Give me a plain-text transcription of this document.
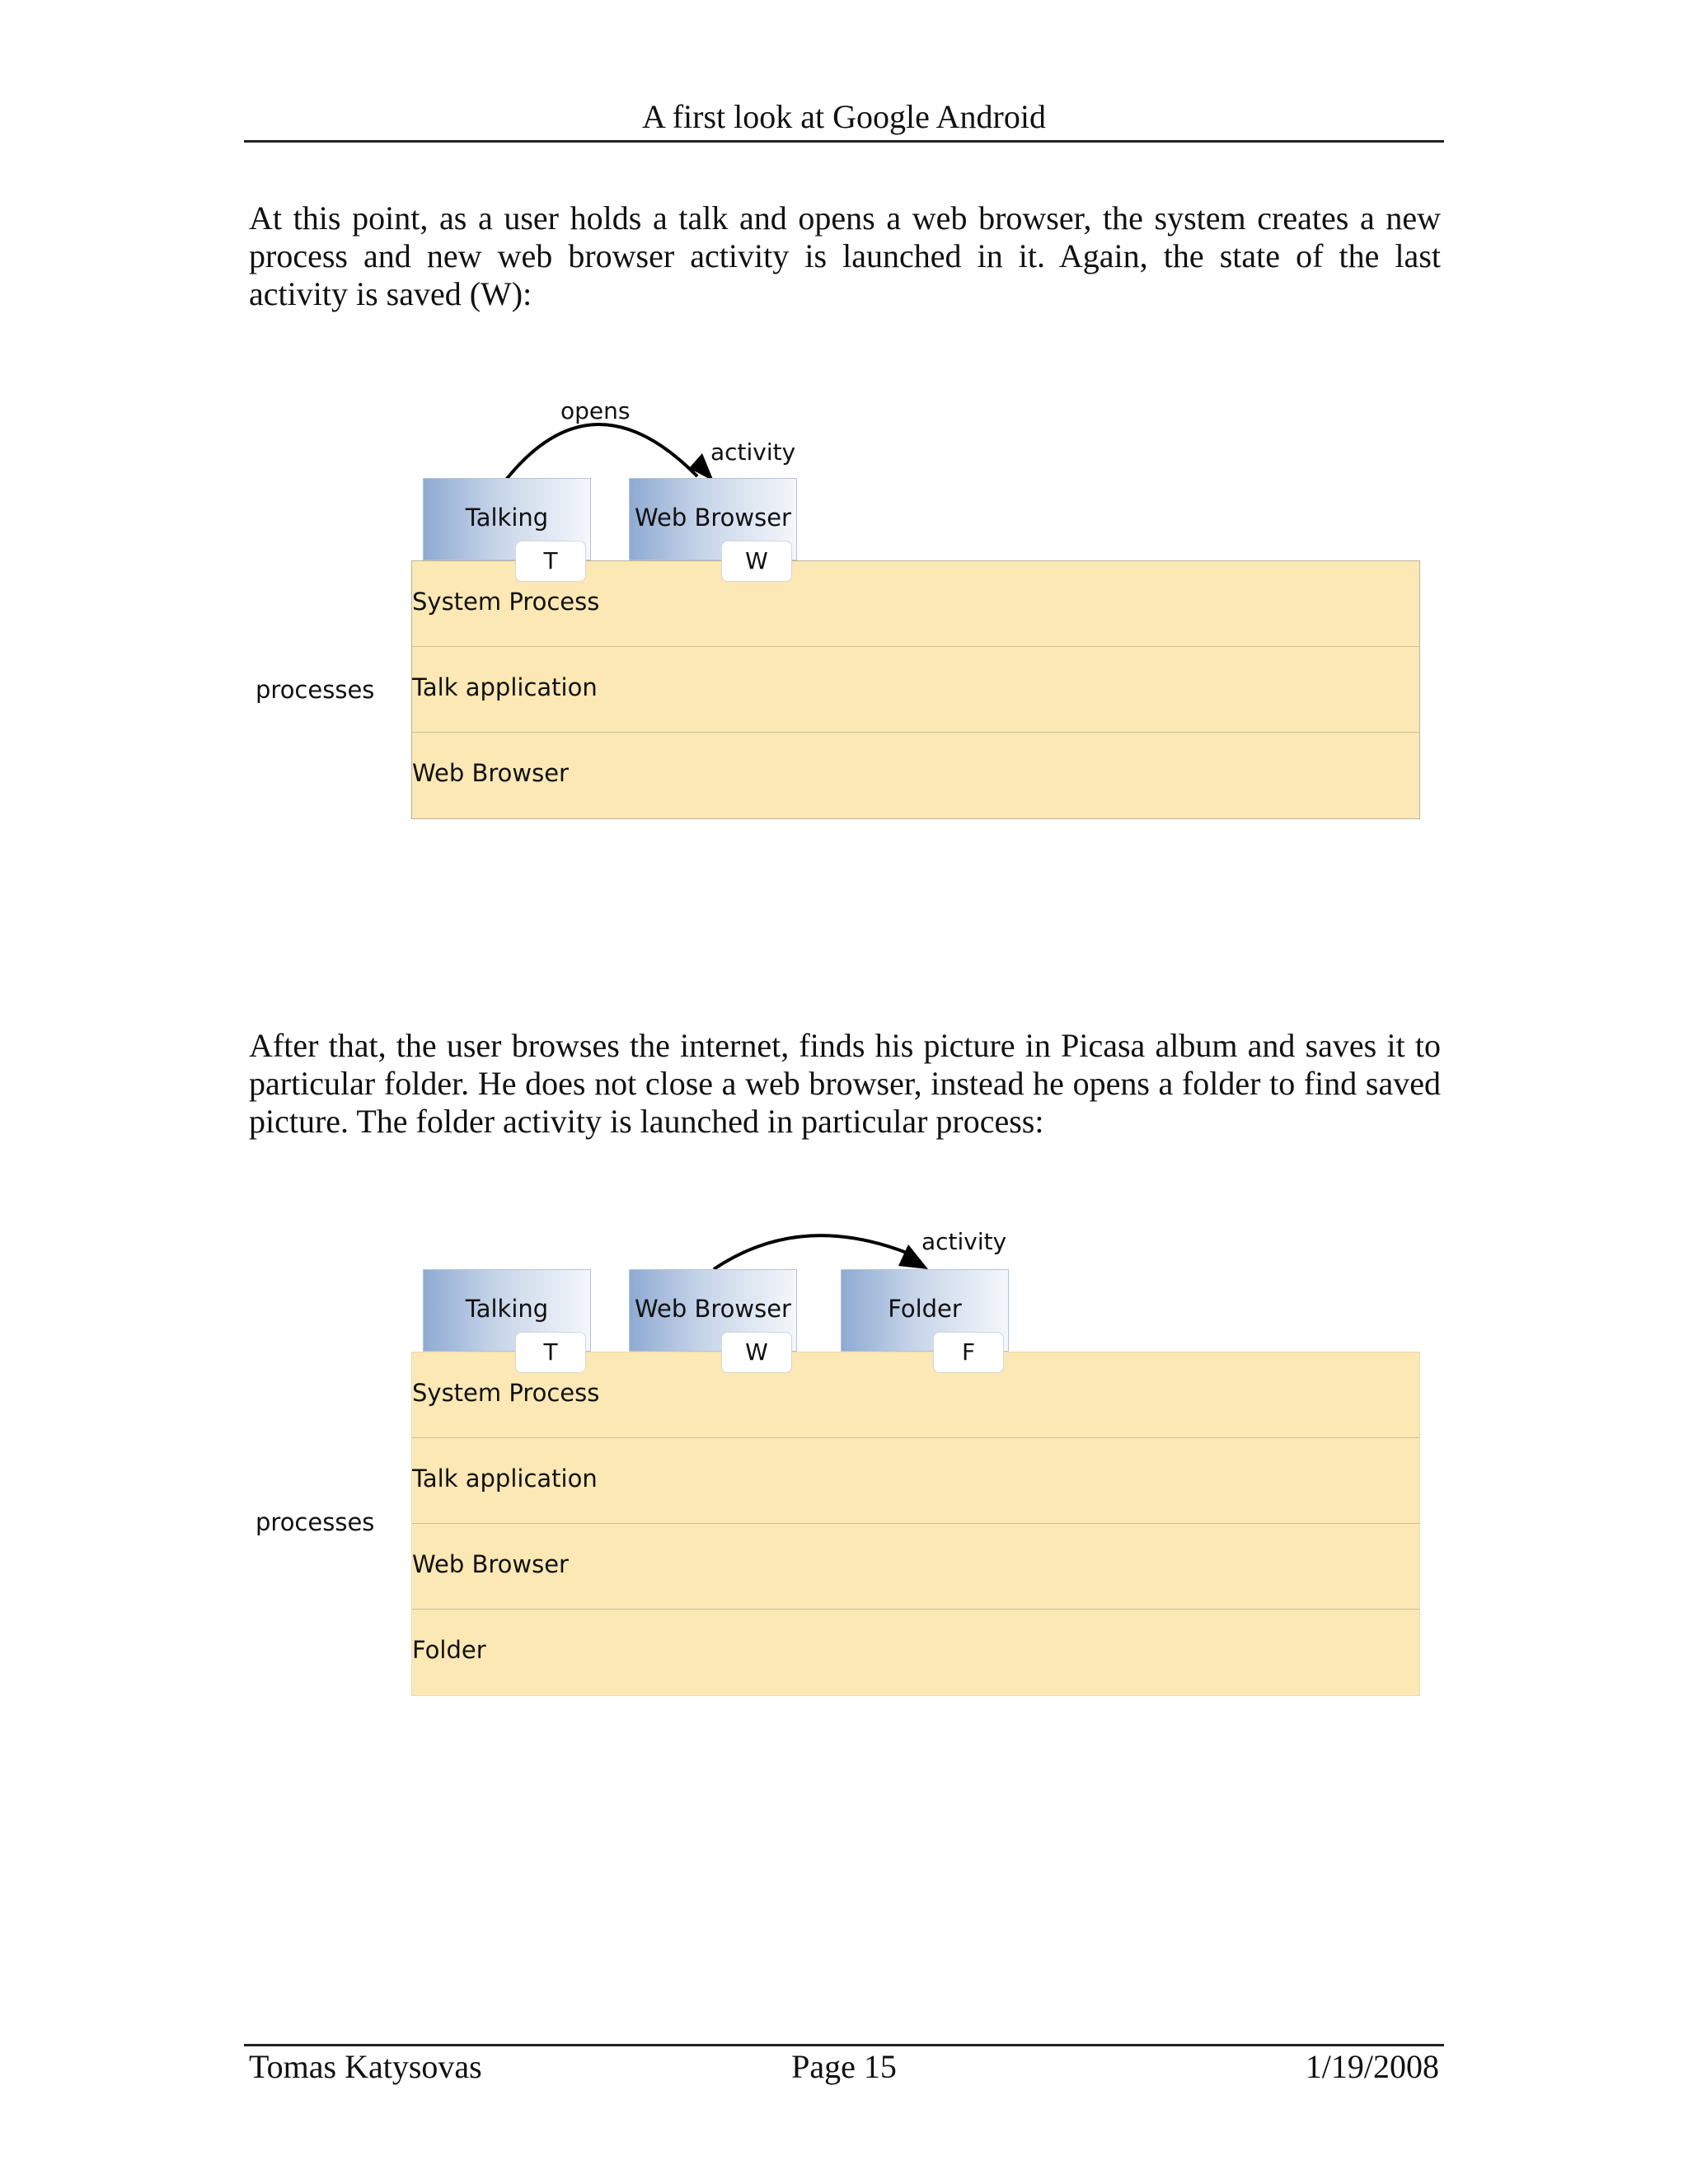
A first look at Google Android
At this point, as a user holds a talk and opens a web browser, the system creates a new
process and new web browser activity is launched in it. Again, the state of the last
activity is saved (W):
opens
activity
Talking	Web Browser
System Process
Talk application
Web Browser
T	W
processes
After that, the user browses the internet, finds his picture in Picasa album and saves it to
particular folder. He does not close a web browser, instead he opens a folder to find saved
picture. The folder activity is launched in particular process:
activity
Talking	Web Browser	Folder
System Process
Talk application
Web Browser
Folder
T	W	F
processes
Tomas Katysovas	Page 15	1/19/2008
